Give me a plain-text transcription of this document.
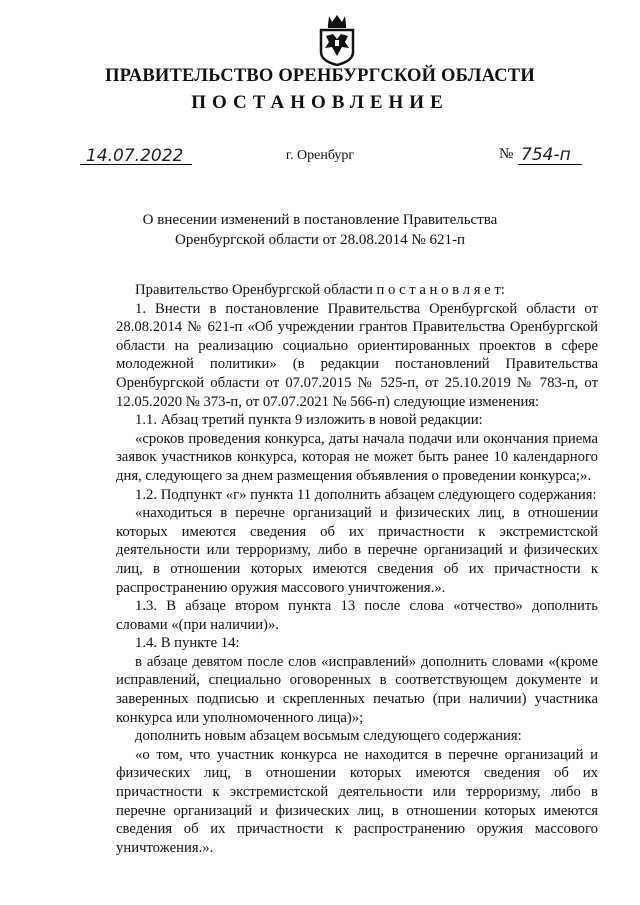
ПРАВИТЕЛЬСТВО ОРЕНБУРГСКОЙ ОБЛАСТИ
ПОСТАНОВЛЕНИЕ
14.07.2022	г. Оренбург	№ 754-п
О внесении изменений в постановление Правительства
Оренбургской области от 28.08.2014 № 621-п

Правительство Оренбургской области п о с т а н о в л я е т:

1. Внести в постановление Правительства Оренбургской области от 28.08.2014 № 621-п «Об учреждении грантов Правительства Оренбургской области на реализацию социально ориентированных проектов в сфере молодежной политики» (в редакции постановлений Правительства Оренбургской области от 07.07.2015 № 525-п, от 25.10.2019 № 783-п, от 12.05.2020 № 373-п, от 07.07.2021 № 566-п) следующие изменения:

1.1. Абзац третий пункта 9 изложить в новой редакции:

«сроков проведения конкурса, даты начала подачи или окончания приема заявок участников конкурса, которая не может быть ранее 10 календарного дня, следующего за днем размещения объявления о проведении конкурса;».

1.2. Подпункт «г» пункта 11 дополнить абзацем следующего содержания:

«находиться в перечне организаций и физических лиц, в отношении которых имеются сведения об их причастности к экстремистской деятельности или терроризму, либо в перечне организаций и физических лиц, в отношении которых имеются сведения об их причастности к распространению оружия массового уничтожения.».

1.3. В абзаце втором пункта 13 после слова «отчество» дополнить словами «(при наличии)».

1.4. В пункте 14:

в абзаце девятом после слов «исправлений» дополнить словами «(кроме исправлений, специально оговоренных в соответствующем документе и заверенных подписью и скрепленных печатью (при наличии) участника конкурса или уполномоченного лица)»;

дополнить новым абзацем восьмым следующего содержания:

«о том, что участник конкурса не находится в перечне организаций и физических лиц, в отношении которых имеются сведения об их причастности к экстремистской деятельности или терроризму, либо в перечне организаций и физических лиц, в отношении которых имеются сведения об их причастности к распространению оружия массового уничтожения.».
